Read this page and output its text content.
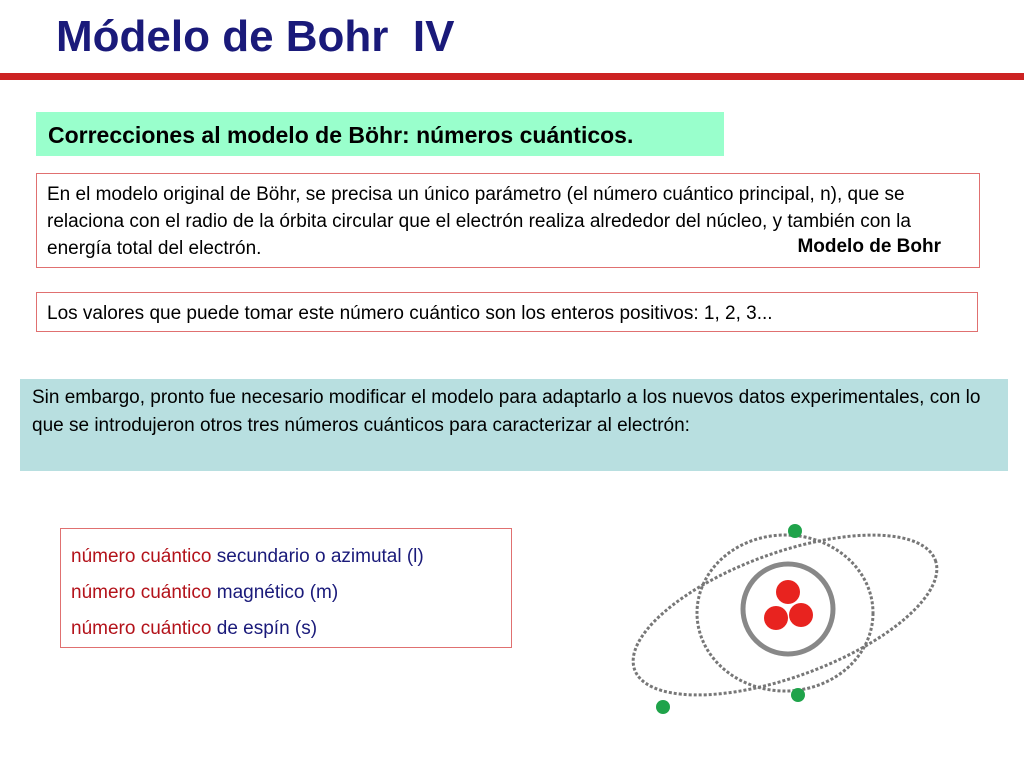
Módelo de Bohr  IV
Correcciones al modelo de Böhr: números cuánticos.
En el modelo original de Böhr, se precisa un único parámetro (el número cuántico principal, n), que se relaciona con el radio de la órbita circular que el electrón realiza alrededor del núcleo, y también con la energía total del electrón.	Modelo de Bohr
Los valores que puede tomar este número cuántico son los enteros positivos: 1, 2, 3...
Sin embargo, pronto fue necesario modificar el modelo para adaptarlo a los nuevos datos experimentales, con lo que se introdujeron otros tres números cuánticos para caracterizar al electrón:
número cuántico secundario o azimutal (l)
número cuántico magnético (m)
número cuántico de espín (s)
